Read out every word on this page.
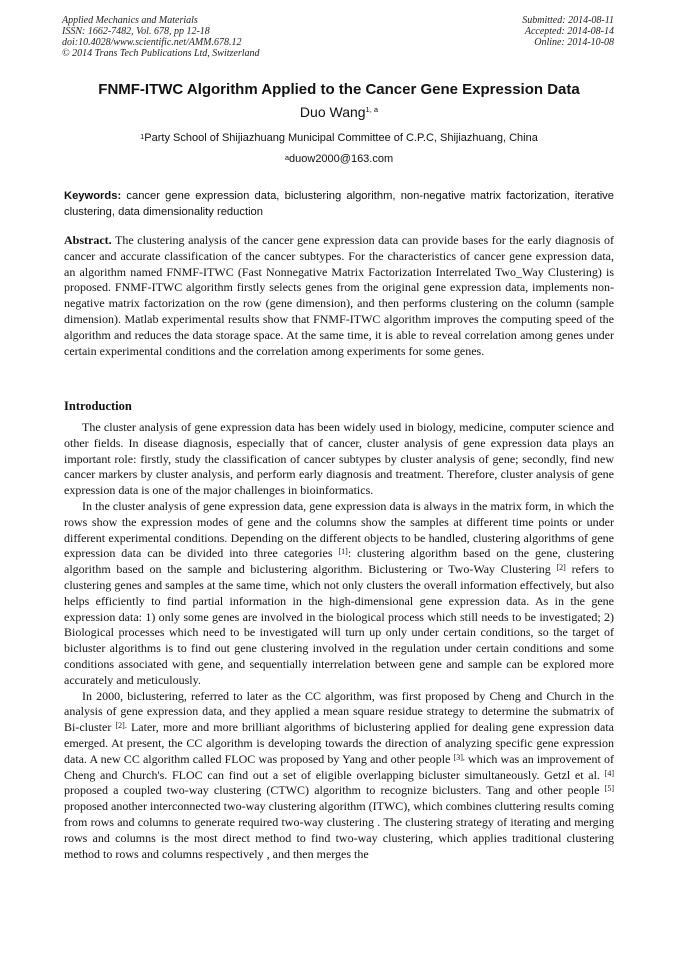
Applied Mechanics and Materials
ISSN: 1662-7482, Vol. 678, pp 12-18
doi:10.4028/www.scientific.net/AMM.678.12
© 2014 Trans Tech Publications Ltd, Switzerland
Submitted: 2014-08-11
Accepted: 2014-08-14
Online: 2014-10-08
FNMF-ITWC Algorithm Applied to the Cancer Gene Expression Data
Duo Wang$^{1, a}$
$^1$Party School of Shijiazhuang Municipal Committee of C.P.C, Shijiazhuang, China
$^a$duow2000@163.com
Keywords: cancer gene expression data, biclustering algorithm, non-negative matrix factorization, iterative clustering, data dimensionality reduction
Abstract. The clustering analysis of the cancer gene expression data can provide bases for the early diagnosis of cancer and accurate classification of the cancer subtypes. For the characteristics of cancer gene expression data, an algorithm named FNMF-ITWC (Fast Nonnegative Matrix Factorization Interrelated Two_Way Clustering) is proposed. FNMF-ITWC algorithm firstly selects genes from the original gene expression data, implements non-negative matrix factorization on the row (gene dimension), and then performs clustering on the column (sample dimension). Matlab experimental results show that FNMF-ITWC algorithm improves the computing speed of the algorithm and reduces the data storage space. At the same time, it is able to reveal correlation among genes under certain experimental conditions and the correlation among experiments for some genes.
Introduction

The cluster analysis of gene expression data has been widely used in biology, medicine, computer science and other fields. In disease diagnosis, especially that of cancer, cluster analysis of gene expression data plays an important role: firstly, study the classification of cancer subtypes by cluster analysis of gene; secondly, find new cancer markers by cluster analysis, and perform early diagnosis and treatment. Therefore, cluster analysis of gene expression data is one of the major challenges in bioinformatics.

In the cluster analysis of gene expression data, gene expression data is always in the matrix form, in which the rows show the expression modes of gene and the columns show the samples at different time points or under different experimental conditions. Depending on the different objects to be handled, clustering algorithms of gene expression data can be divided into three categories [1]: clustering algorithm based on the gene, clustering algorithm based on the sample and biclustering algorithm. Biclustering or Two-Way Clustering [2] refers to clustering genes and samples at the same time, which not only clusters the overall information effectively, but also helps efficiently to find partial information in the high-dimensional gene expression data. As in the gene expression data: 1) only some genes are involved in the biological process which still needs to be investigated; 2) Biological processes which need to be investigated will turn up only under certain conditions, so the target of bicluster algorithms is to find out gene clustering involved in the regulation under certain conditions and some conditions associated with gene, and sequentially interrelation between gene and sample can be explored more accurately and meticulously.

In 2000, biclustering, referred to later as the CC algorithm, was first proposed by Cheng and Church in the analysis of gene expression data, and they applied a mean square residue strategy to determine the submatrix of Bi-cluster $^{[2].}$ Later, more and more brilliant algorithms of biclustering applied for dealing gene expression data emerged. At present, the CC algorithm is developing towards the direction of analyzing specific gene expression data. A new CC algorithm called FLOC was proposed by Yang and other people $^{[3],}$ which was an improvement of Cheng and Church's. FLOC can find out a set of eligible overlapping bicluster simultaneously. Getzl et al. [4] proposed a coupled two-way clustering (CTWC) algorithm to recognize biclusters. Tang and other people [5] proposed another interconnected two-way clustering algorithm (ITWC), which combines cluttering results coming from rows and columns to generate required two-way clustering . The clustering strategy of iterating and merging rows and columns is the most direct method to find two-way clustering, which applies traditional clustering method to rows and columns respectively , and then merges the
